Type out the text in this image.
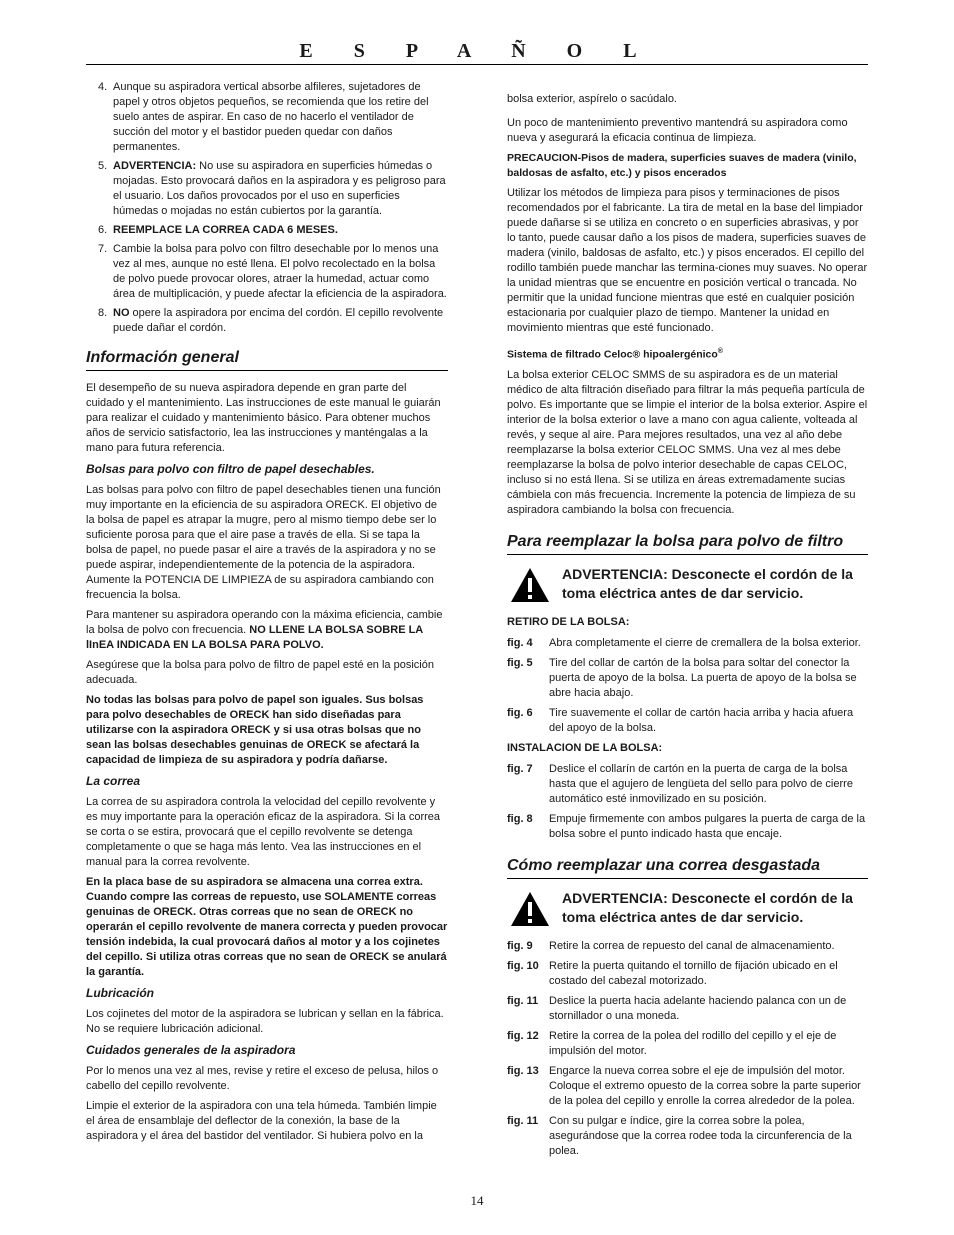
E S P A Ñ O L
4. Aunque su aspiradora vertical absorbe alfileres, sujetadores de papel y otros objetos pequeños, se recomienda que los retire del suelo antes de aspirar. En caso de no hacerlo el ventilador de succión del motor y el bastidor pueden quedar con daños permanentes.
5. ADVERTENCIA: No use su aspiradora en superficies húmedas o mojadas. Esto provocará daños en la aspiradora y es peligroso para el usuario. Los daños provocados por el uso en superficies húmedas o mojadas no están cubiertos por la garantía.
6. REEMPLACE LA CORREA CADA 6 MESES.
7. Cambie la bolsa para polvo con filtro desechable por lo menos una vez al mes, aunque no esté llena. El polvo recolectado en la bolsa de polvo puede provocar olores, atraer la humedad, actuar como área de multiplicación, y puede afectar la eficiencia de la aspiradora.
8. NO opere la aspiradora por encima del cordón. El cepillo revolvente puede dañar el cordón.
Información general

El desempeño de su nueva aspiradora depende en gran parte del cuidado y el mantenimiento. Las instrucciones de este manual le guiarán para realizar el cuidado y mantenimiento básico. Para obtener muchos años de servicio satisfactorio, lea las instrucciones y manténgalas a la mano para futura referencia.

Bolsas para polvo con filtro de papel desechables.

Las bolsas para polvo con filtro de papel desechables tienen una función muy importante en la eficiencia de su aspiradora ORECK. El objetivo de la bolsa de papel es atrapar la mugre, pero al mismo tiempo debe ser lo suficiente porosa para que el aire pase a través de ella. Si se tapa la bolsa de papel, no puede pasar el aire a través de la aspiradora y no se puede aspirar, independientemente de la potencia de la aspiradora. Aumente la POTENCIA DE LIMPIEZA de su aspiradora cambiando con frecuencia la bolsa.

Para mantener su aspiradora operando con la máxima eficiencia, cambie la bolsa de polvo con frecuencia. NO LLENE LA BOLSA SOBRE LA lInEA INDICADA EN LA BOLSA PARA POLVO.

Asegúrese que la bolsa para polvo de filtro de papel esté en la posición adecuada.

No todas las bolsas para polvo de papel son iguales. Sus bolsas para polvo desechables de ORECK han sido diseñadas para utilizarse con la aspiradora ORECK y si usa otras bolsas que no sean las bolsas desechables genuinas de ORECK se afectará la capacidad de limpieza de su aspiradora y podría dañarse.

La correa

La correa de su aspiradora controla la velocidad del cepillo revolvente y es muy importante para la operación eficaz de la aspiradora. Si la correa se corta o se estira, provocará que el cepillo revolvente se detenga completamente o que se haga más lento. Vea las instrucciones en el manual para la correa revolvente.

En la placa base de su aspiradora se almacena una correa extra. Cuando compre las correas de repuesto, use SOLAMENTE correas genuinas de ORECK. Otras correas que no sean de ORECK no operarán el cepillo revolvente de manera correcta y pueden provocar tensión indebida, la cual provocará daños al motor y a los cojinetes del cepillo. Si utiliza otras correas que no sean de ORECK se anulará la garantía.

Lubricación

Los cojinetes del motor de la aspiradora se lubrican y sellan en la fábrica. No se requiere lubricación adicional.

Cuidados generales de la aspiradora

Por lo menos una vez al mes, revise y retire el exceso de pelusa, hilos o cabello del cepillo revolvente.

Limpie el exterior de la aspiradora con una tela húmeda. También limpie el área de ensamblaje del deflector de la conexión, la base de la aspiradora y el área del bastidor del ventilador. Si hubiera polvo en la

bolsa exterior, aspírelo o sacúdalo.

Un poco de mantenimiento preventivo mantendrá su aspiradora como nueva y asegurará la eficacia continua de limpieza.

PRECAUCION-Pisos de madera, superficies suaves de madera (vinilo, baldosas de asfalto, etc.) y pisos encerados

Utilizar los métodos de limpieza para pisos y terminaciones de pisos recomendados por el fabricante. La tira de metal en la base del limpiador puede dañarse si se utiliza en concreto o en superficies abrasivas, y por lo tanto, puede causar daño a los pisos de madera, superficies suaves de madera (vinilo, baldosas de asfalto, etc.) y pisos encerados. El cepillo del rodillo también puede manchar las termina-ciones muy suaves. No operar la unidad mientras que se encuentre en posición vertical o trancada. No permitir que la unidad funcione mientras que esté en cualquier posición estacionaria por cualquier plazo de tiempo. Mantener la unidad en movimiento mientras que esté funcionado.

Sistema de filtrado Celoc® hipoalergénico®

La bolsa exterior CELOC SMMS de su aspiradora es de un material médico de alta filtración diseñado para filtrar la más pequeña partícula de polvo. Es importante que se limpie el interior de la bolsa exterior. Aspire el interior de la bolsa exterior o lave a mano con agua caliente, volteada al revés, y seque al aire. Para mejores resultados, una vez al año debe reemplazarse la bolsa exterior CELOC SMMS. Una vez al mes debe reemplazarse la bolsa de polvo interior desechable de capas CELOC, incluso si no está llena. Si se utiliza en áreas extremadamente sucias cámbiela con más frecuencia. Incremente la potencia de limpieza de su aspiradora cambiando la bolsa con frecuencia.

Para reemplazar la bolsa para polvo de filtro
ADVERTENCIA: Desconecte el cordón de la toma eléctrica antes de dar servicio.
RETIRO DE LA BOLSA:
fig. 4 Abra completamente el cierre de cremallera de la bolsa exterior.
fig. 5 Tire del collar de cartón de la bolsa para soltar del conector la puerta de apoyo de la bolsa. La puerta de apoyo de la bolsa se abre hacia abajo.
fig. 6 Tire suavemente el collar de cartón hacia arriba y hacia afuera del apoyo de la bolsa.
INSTALACION DE LA BOLSA:
fig. 7 Deslice el collarín de cartón en la puerta de carga de la bolsa hasta que el agujero de lengüeta del sello para polvo de cierre automático esté inmovilizado en su posición.
fig. 8 Empuje firmemente con ambos pulgares la puerta de carga de la bolsa sobre el punto indicado hasta que encaje.
Cómo reemplazar una correa desgastada
ADVERTENCIA: Desconecte el cordón de la toma eléctrica antes de dar servicio.
fig. 9 Retire la correa de repuesto del canal de almacenamiento.
fig. 10 Retire la puerta quitando el tornillo de fijación ubicado en el costado del cabezal motorizado.
fig. 11 Deslice la puerta hacia adelante haciendo palanca con un de stornillador o una moneda.
fig. 12 Retire la correa de la polea del rodillo del cepillo y el eje de impulsión del motor.
fig. 13 Engarce la nueva correa sobre el eje de impulsión del motor. Coloque el extremo opuesto de la correa sobre la parte superior de la polea del cepillo y enrolle la correa alrededor de la polea.
fig. 11 Con su pulgar e índice, gire la correa sobre la polea, asegurándose que la correa rodee toda la circunferencia de la polea.
14
